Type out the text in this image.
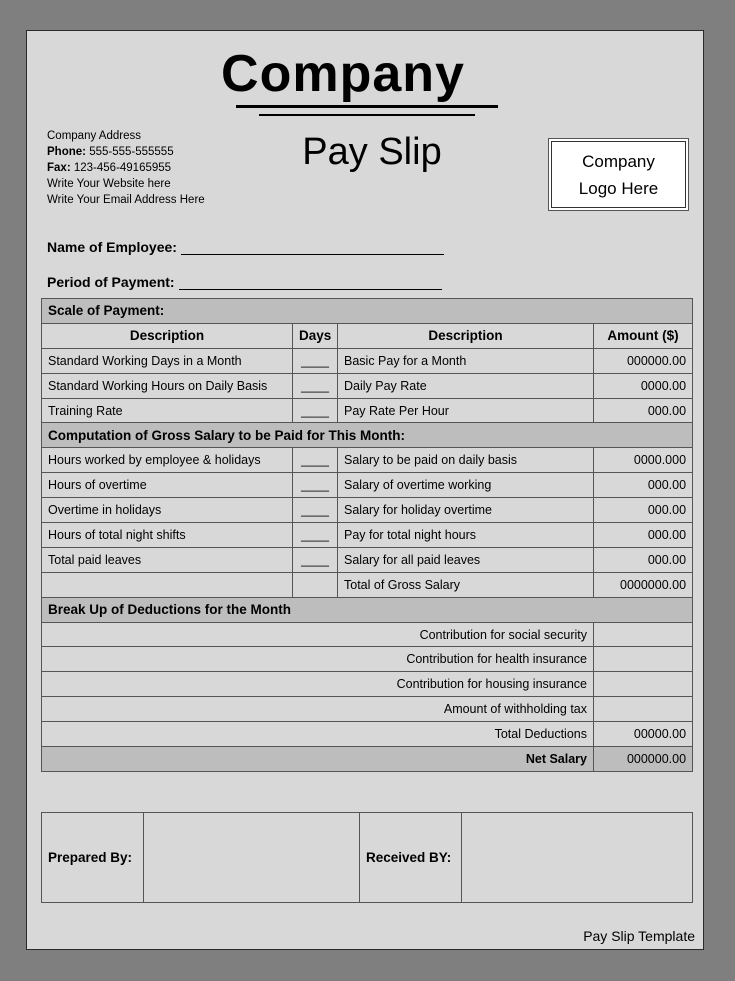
Company
Pay Slip
Company Address
Phone: 555-555-555555
Fax: 123-456-49165955
Write Your Website here
Write Your Email Address Here
Company
Logo Here
Name of Employee:
Period of Payment:
Scale of Payment:			
Description	Days	Description	Amount ($)
Standard Working Days in a Month	____	Basic Pay for a Month	000000.00
Standard Working Hours on Daily Basis	____	Daily Pay Rate	0000.00
Training Rate	____	Pay Rate Per Hour	000.00
Computation of Gross Salary to be Paid for This Month:			
Hours worked by employee & holidays	____	Salary to be paid on daily basis	0000.000
Hours of overtime	____	Salary of overtime working	000.00
Overtime in holidays	____	Salary for holiday overtime	000.00
Hours of total night shifts	____	Pay for total night hours	000.00
Total paid leaves	____	Salary for all paid leaves	000.00
		Total of Gross Salary	0000000.00
Break Up of Deductions for the Month			
Contribution for social security			
Contribution for health insurance			
Contribution for housing insurance			
Amount of withholding tax			
Total Deductions			00000.00
Net Salary			000000.00
Prepared By:		Received BY:	
Pay Slip Template
